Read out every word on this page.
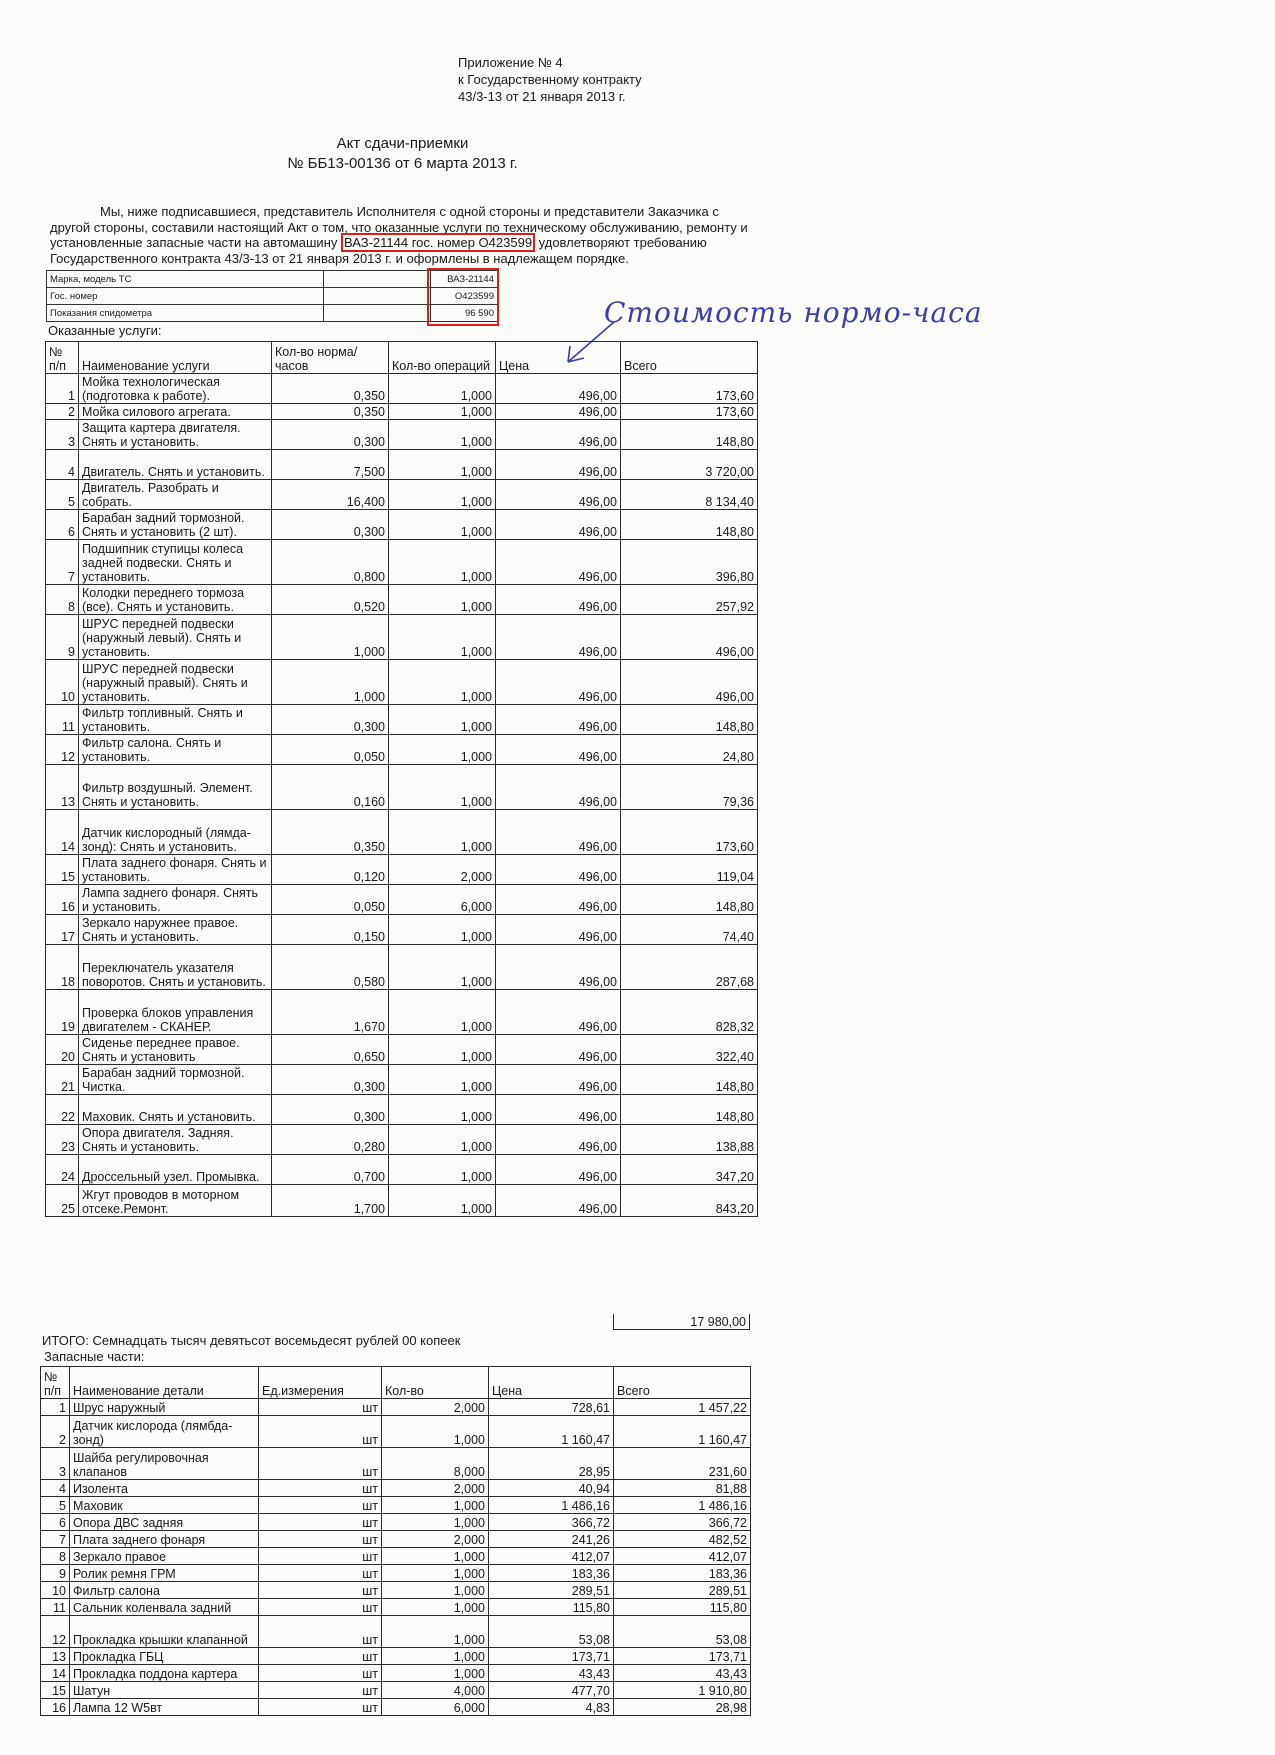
Приложение № 4
к Государственному контракту
43/3-13 от 21 января 2013 г.
Акт сдачи-приемки
№ ББ13-00136 от 6 марта 2013 г.
Мы, ниже подписавшиеся, представитель Исполнителя с одной стороны и представители Заказчика с другой стороны, составили настоящий Акт о том, что оказанные услуги по техническому обслуживанию, ремонту и установленные запасные части на автомашину ВАЗ-21144 гос. номер О423599 удовлетворяют требованию Государственного контракта 43/3-13 от 21 января 2013 г. и оформлены в надлежащем порядке.
Марка, модель ТС		ВАЗ-21144
Гос. номер		О423599
Показания спидометра		96 590	Стоимость нормо-часа
Оказанные услуги:
№ п/п	Наименование услуги	Кол-во норма/часов	Кол-во операций	Цена	Всего
1	Мойка технологическая (подготовка к работе).	0,350	1,000	496,00	173,60
2	Мойка силового агрегата.	0,350	1,000	496,00	173,60
3	Защита картера двигателя. Снять и установить.	0,300	1,000	496,00	148,80
4	Двигатель. Снять и установить.	7,500	1,000	496,00	3 720,00
5	Двигатель. Разобрать и собрать.	16,400	1,000	496,00	8 134,40
6	Барабан задний тормозной. Снять и установить (2 шт).	0,300	1,000	496,00	148,80
7	Подшипник ступицы колеса задней подвески. Снять и установить.	0,800	1,000	496,00	396,80
8	Колодки переднего тормоза (все). Снять и установить.	0,520	1,000	496,00	257,92
9	ШРУС передней подвески (наружный левый). Снять и установить.	1,000	1,000	496,00	496,00
10	ШРУС передней подвески (наружный правый). Снять и установить.	1,000	1,000	496,00	496,00
11	Фильтр топливный. Снять и установить.	0,300	1,000	496,00	148,80
12	Фильтр салона. Снять и установить.	0,050	1,000	496,00	24,80
13	Фильтр воздушный. Элемент. Снять и установить.	0,160	1,000	496,00	79,36
14	Датчик кислородный (лямда-зонд): Снять и установить.	0,350	1,000	496,00	173,60
15	Плата заднего фонаря. Снять и установить.	0,120	2,000	496,00	119,04
16	Лампа заднего фонаря. Снять и установить.	0,050	6,000	496,00	148,80
17	Зеркало наружнее правое. Снять и установить.	0,150	1,000	496,00	74,40
18	Переключатель указателя поворотов. Снять и установить.	0,580	1,000	496,00	287,68
19	Проверка блоков управления двигателем - СКАНЕР.	1,670	1,000	496,00	828,32
20	Сиденье переднее правое. Снять и установить	0,650	1,000	496,00	322,40
21	Барабан задний тормозной. Чистка.	0,300	1,000	496,00	148,80
22	Маховик. Снять и установить.	0,300	1,000	496,00	148,80
23	Опора двигателя. Задняя. Снять и установить.	0,280	1,000	496,00	138,88
24	Дроссельный узел. Промывка.	0,700	1,000	496,00	347,20
25	Жгут проводов в моторном отсеке.Ремонт.	1,700	1,000	496,00	843,20
17 980,00
ИТОГО: Семнадцать тысяч девятьсот восемьдесят рублей 00 копеек
Запасные части:
№ п/п	Наименование детали	Ед.измерения	Кол-во	Цена	Всего
1	Шрус наружный	шт	2,000	728,61	1 457,22
2	Датчик кислорода (лямбда-зонд)	шт	1,000	1 160,47	1 160,47
3	Шайба регулировочная клапанов	шт	8,000	28,95	231,60
4	Изолента	шт	2,000	40,94	81,88
5	Маховик	шт	1,000	1 486,16	1 486,16
6	Опора ДВС задняя	шт	1,000	366,72	366,72
7	Плата заднего фонаря	шт	2,000	241,26	482,52
8	Зеркало правое	шт	1,000	412,07	412,07
9	Ролик ремня ГРМ	шт	1,000	183,36	183,36
10	Фильтр салона	шт	1,000	289,51	289,51
11	Сальник коленвала задний	шт	1,000	115,80	115,80
12	Прокладка крышки клапанной	шт	1,000	53,08	53,08
13	Прокладка ГБЦ	шт	1,000	173,71	173,71
14	Прокладка поддона картера	шт	1,000	43,43	43,43
15	Шатун	шт	4,000	477,70	1 910,80
16	Лампа 12 W5вт	шт	6,000	4,83	28,98
